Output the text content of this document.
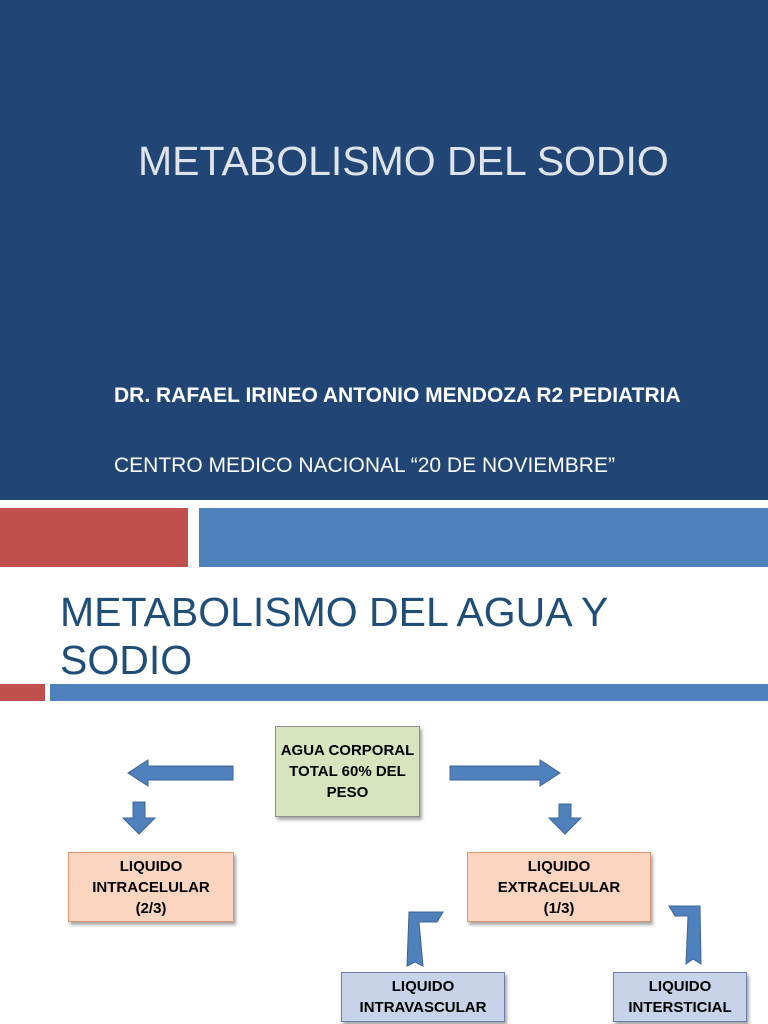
METABOLISMO DEL SODIO
DR. RAFAEL IRINEO ANTONIO MENDOZA R2 PEDIATRIA
CENTRO MEDICO NACIONAL “20 DE NOVIEMBRE”
METABOLISMO DEL AGUA Y SODIO
AGUA CORPORAL TOTAL 60% DEL PESO
LIQUIDO INTRACELULAR
(2/3)
LIQUIDO EXTRACELULAR
(1/3)
LIQUIDO INTRAVASCULAR
LIQUIDO INTERSTICIAL
